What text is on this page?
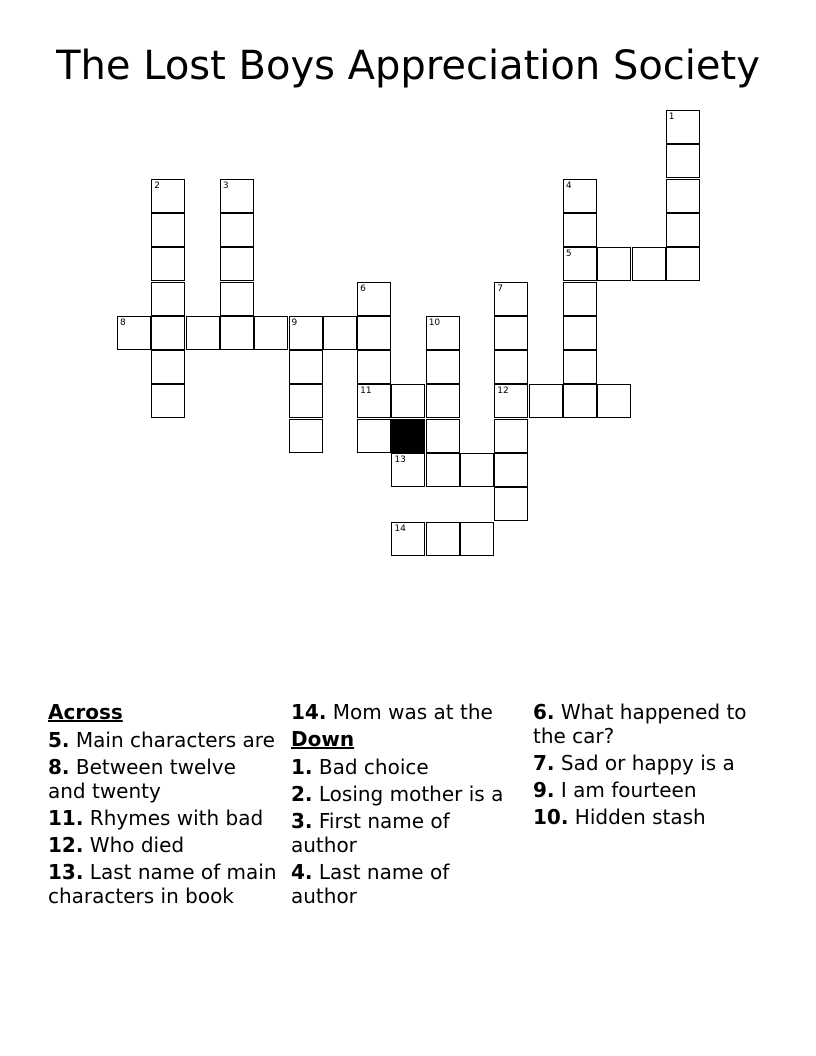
The Lost Boys Appreciation Society
1
2	3	4
5
6	7
8	9	10
11	12
13
14
Across
5. Main characters are
8. Between twelve and twenty
11. Rhymes with bad
12. Who died
13. Last name of main characters in book
14. Mom was at the
Down
1. Bad choice
2. Losing mother is a
3. First name of author
4. Last name of author
6. What happened to the car?
7. Sad or happy is a
9. I am fourteen
10. Hidden stash
